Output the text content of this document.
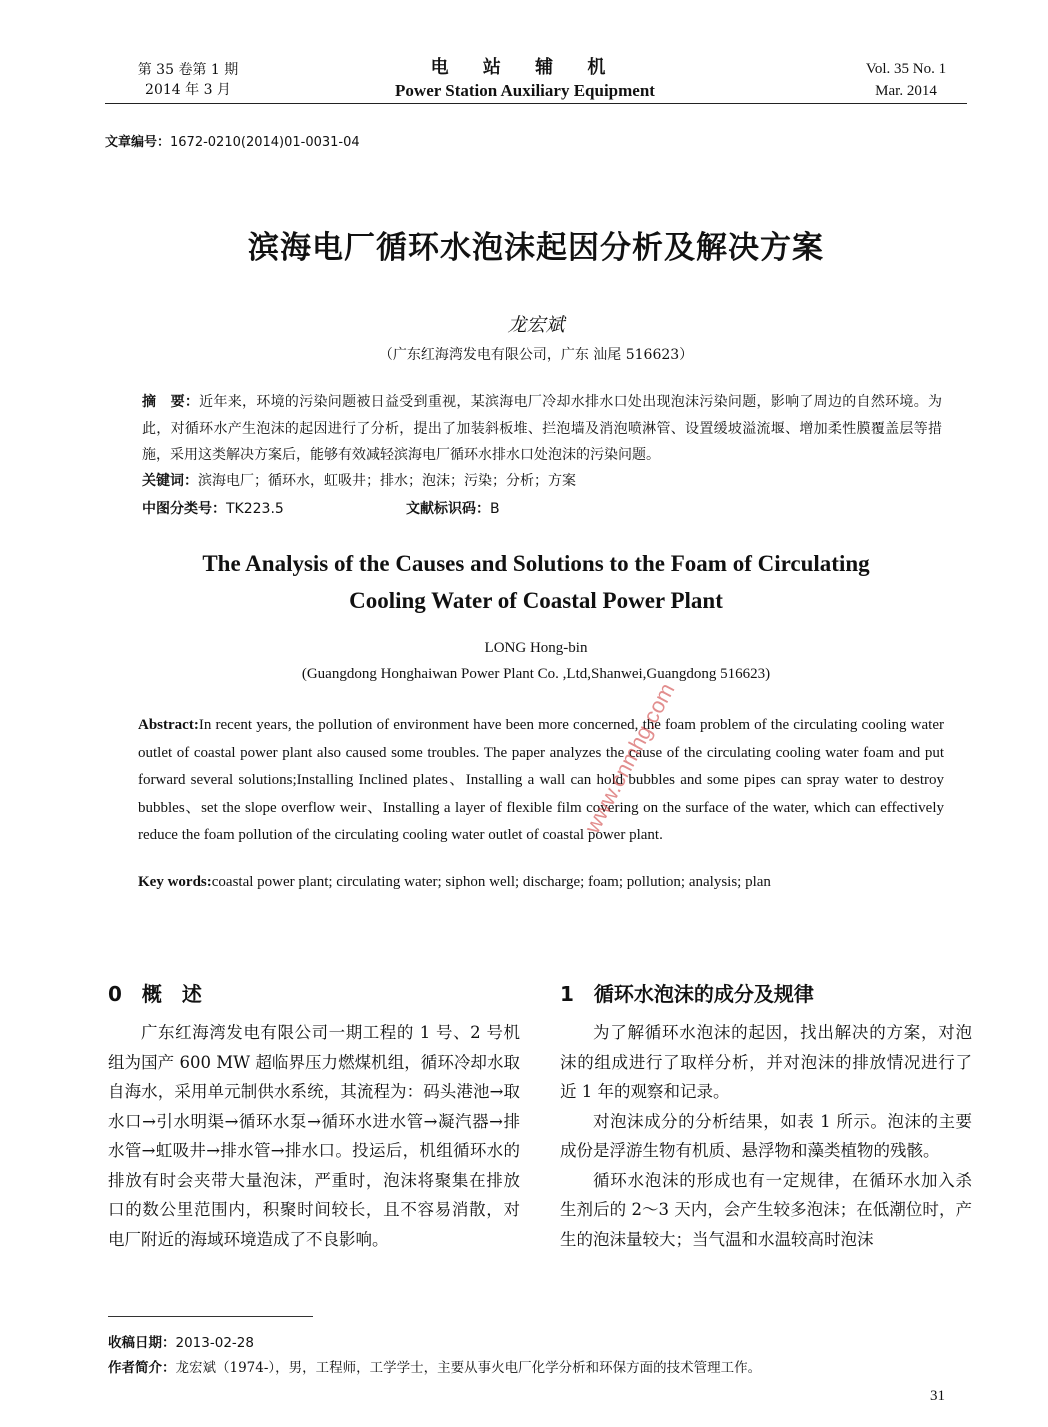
第 35 卷第 1 期
2014 年 3 月
电 站 辅 机
Power Station Auxiliary Equipment
Vol. 35 No. 1
Mar. 2014
文章编号：1672-0210(2014)01-0031-04
滨海电厂循环水泡沫起因分析及解决方案
龙宏斌
（广东红海湾发电有限公司，广东 汕尾 516623）
摘　要：近年来，环境的污染问题被日益受到重视，某滨海电厂冷却水排水口处出现泡沫污染问题，影响了周边的自然环境。为此，对循环水产生泡沫的起因进行了分析，提出了加装斜板堆、拦泡墙及消泡喷淋管、设置缓坡溢流堰、增加柔性膜覆盖层等措施，采用这类解决方案后，能够有效减轻滨海电厂循环水排水口处泡沫的污染问题。
关键词：滨海电厂；循环水，虹吸井；排水；泡沫；污染；分析；方案
中图分类号：TK223.5	文献标识码：B
The Analysis of the Causes and Solutions to the Foam of Circulating
Cooling Water of Coastal Power Plant
LONG Hong-bin
(Guangdong Honghaiwan Power Plant Co. ,Ltd,Shanwei,Guangdong 516623)
Abstract:In recent years, the pollution of environment have been more concerned, the foam problem of the circulating cooling water outlet of coastal power plant also caused some troubles. The paper analyzes the cause of the circulating cooling water foam and put forward several solutions;Installing Inclined plates、Installing a wall can hold bubbles and some pipes can spray water to destroy bubbles、set the slope overflow weir、Installing a layer of flexible film covering on the surface of the water, which can effectively reduce the foam pollution of the circulating cooling water outlet of coastal power plant.
Key words:coastal power plant; circulating water; siphon well; discharge; foam; pollution; analysis; plan
www.cnmhg.com
0　概　述

广东红海湾发电有限公司一期工程的 1 号、2 号机组为国产 600 MW 超临界压力燃煤机组，循环冷却水取自海水，采用单元制供水系统，其流程为：码头港池→取水口→引水明渠→循环水泵→循环水进水管→凝汽器→排水管→虹吸井→排水管→排水口。投运后，机组循环水的排放有时会夹带大量泡沫，严重时，泡沫将聚集在排放口的数公里范围内，积聚时间较长，且不容易消散，对电厂附近的海域环境造成了不良影响。

1　循环水泡沫的成分及规律

为了解循环水泡沫的起因，找出解决的方案，对泡沫的组成进行了取样分析，并对泡沫的排放情况进行了近 1 年的观察和记录。

对泡沫成分的分析结果，如表 1 所示。泡沫的主要成份是浮游生物有机质、悬浮物和藻类植物的残骸。

循环水泡沫的形成也有一定规律，在循环水加入杀生剂后的 2～3 天内，会产生较多泡沫；在低潮位时，产生的泡沫量较大；当气温和水温较高时泡沫

收稿日期：2013-02-28
作者简介：龙宏斌（1974-），男，工程师，工学学士，主要从事火电厂化学分析和环保方面的技术管理工作。
31
